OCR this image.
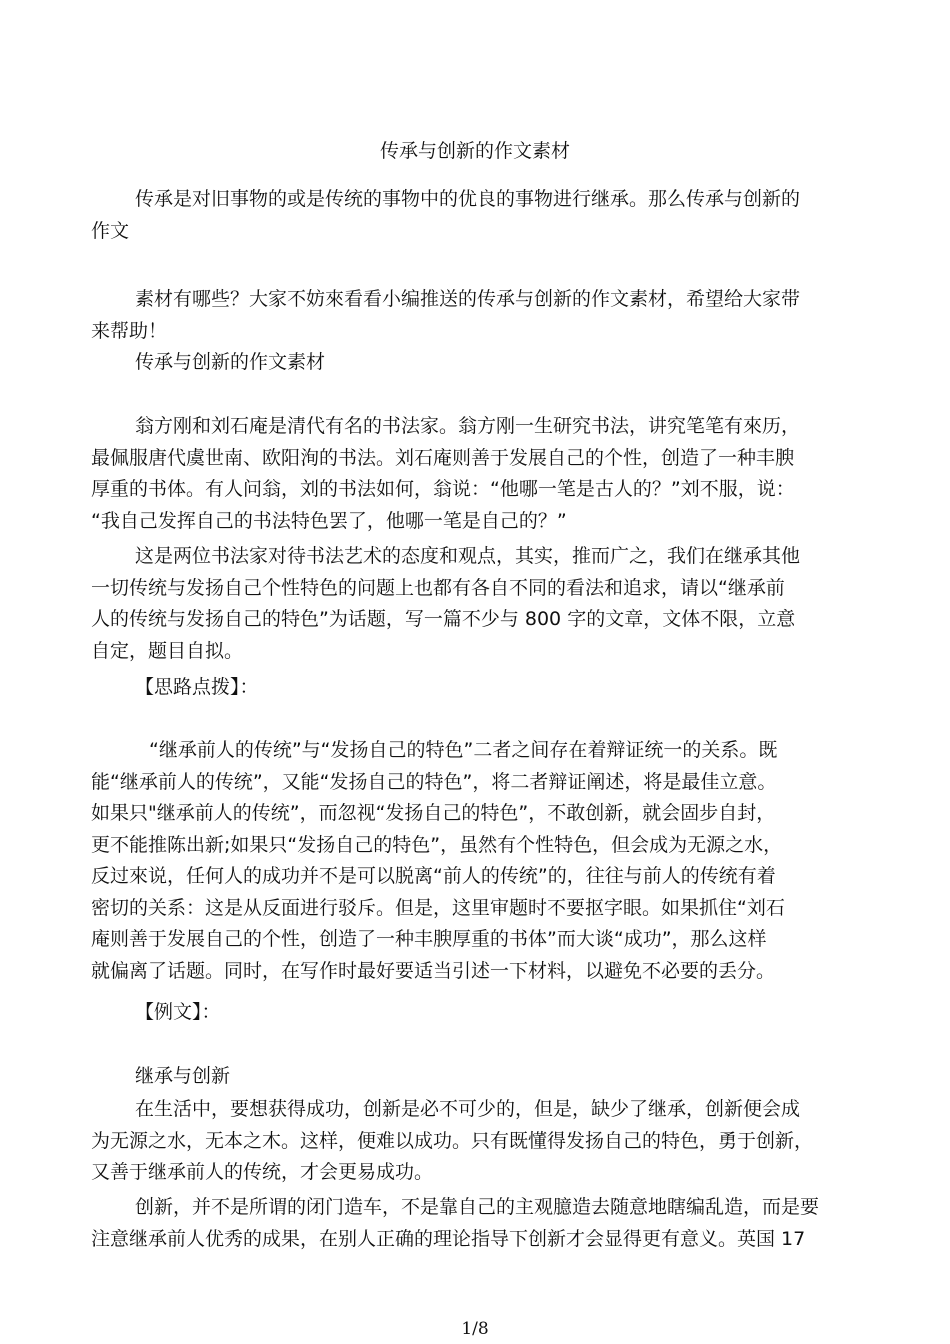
传承与创新的作文素材

传承是对旧事物的或是传统的事物中的优良的事物进行继承。那么传承与创新的
作文

素材有哪些？大家不妨來看看小编推送的传承与创新的作文素材，希望给大家带
来帮助！

传承与创新的作文素材

翁方刚和刘石庵是清代有名的书法家。翁方刚一生研究书法，讲究笔笔有來历，
最佩服唐代虞世南、欧阳洵的书法。刘石庵则善于发展自己的个性，创造了一种丰腴
厚重的书体。有人问翁，刘的书法如何，翁说：“他哪一笔是古人的？”刘不服，说：
“我自己发挥自己的书法特色罢了，他哪一笔是自己的？”

这是两位书法家对待书法艺术的态度和观点，其实，推而广之，我们在继承其他
一切传统与发扬自己个性特色的问题上也都有各自不同的看法和追求，请以“继承前
人的传统与发扬自己的特色”为话题，写一篇不少与 800 字的文章，文体不限，立意
自定，题目自拟。

【思路点拨】：

“继承前人的传统”与“发扬自己的特色”二者之间存在着辩证统一的关系。既
能“继承前人的传统”，又能“发扬自己的特色”，将二者辩证阐述，将是最佳立意。
如果只"继承前人的传统”，而忽视“发扬自己的特色”，不敢创新，就会固步自封，
更不能推陈出新;如果只“发扬自己的特色”，虽然有个性特色，但会成为无源之水，
反过來说，任何人的成功并不是可以脱离“前人的传统”的，往往与前人的传统有着
密切的关系：这是从反面进行驳斥。但是，这里审题时不要抠字眼。如果抓住“刘石
庵则善于发展自己的个性，创造了一种丰腴厚重的书体”而大谈“成功”，那么这样
就偏离了话题。同时，在写作时最好要适当引述一下材料，以避免不必要的丢分。

【例文】：

继承与创新

在生活中，要想获得成功，创新是必不可少的，但是，缺少了继承，创新便会成
为无源之水，无本之木。这样，便难以成功。只有既懂得发扬自己的特色，勇于创新，
又善于继承前人的传统，才会更易成功。

创新，并不是所谓的闭门造车，不是靠自己的主观臆造去随意地瞎编乱造，而是要
注意继承前人优秀的成果，在别人正确的理论指导下创新才会显得更有意义。英国 17

1/8
